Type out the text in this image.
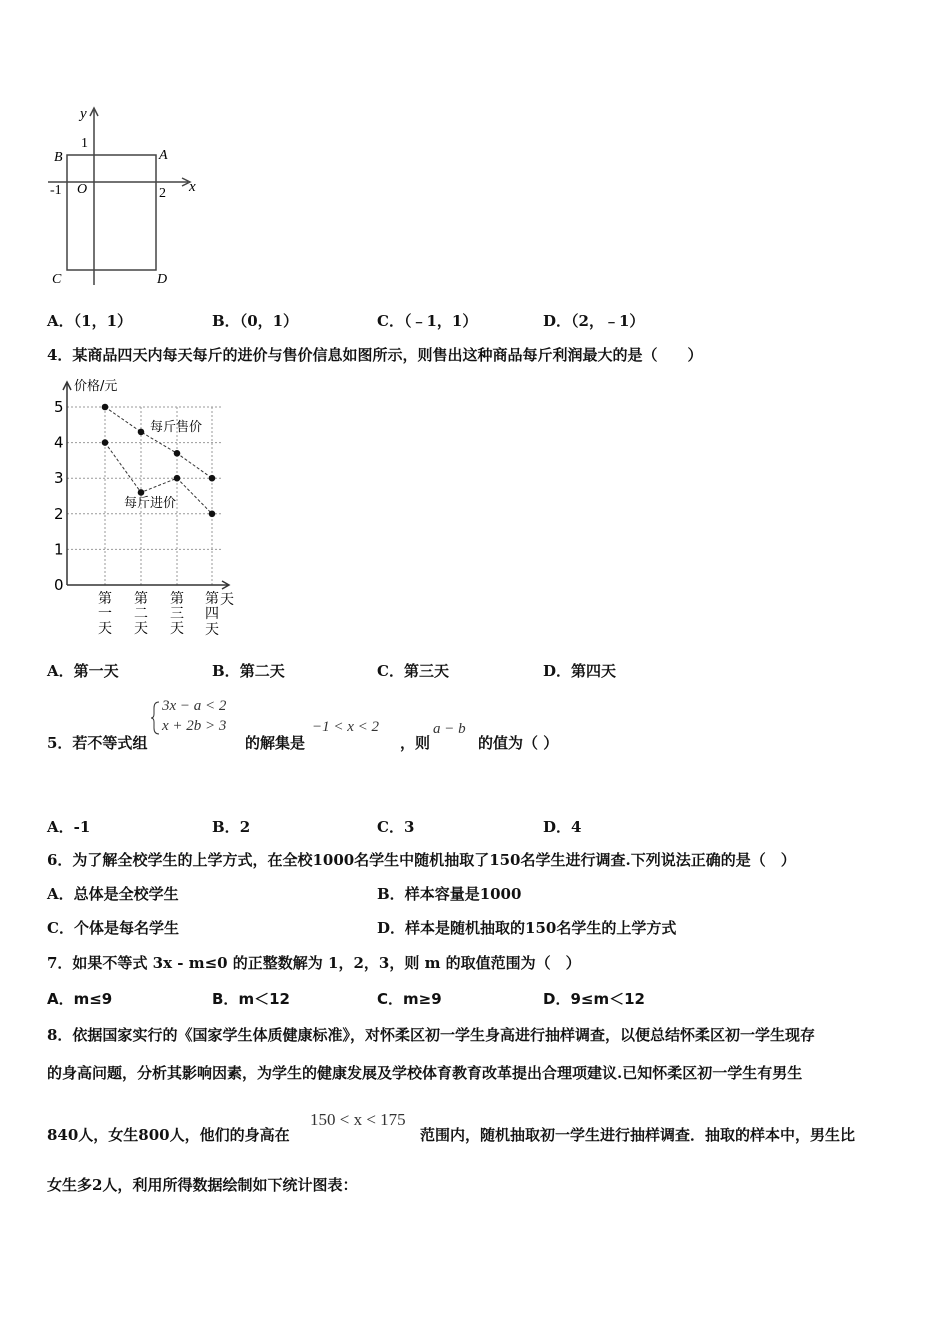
y
x
1
-1	2
O
A
B
C	D
A．（1，1）	B．（0，1）	C．（﹣1，1）	D．（2，﹣1）
4．某商品四天内每天每斤的进价与售价信息如图所示，则售出这种商品每斤利润最大的是（　　）
0
1
2
3
4
5
价格/元
天
第
一
天
第
二
天
第
三
天
第
四
天
每斤售价
每斤进价
A．第一天	B．第二天	C．第三天	D．第四天
5．若不等式组
3x − a < 2
x + 2b > 3
的解集是
−1 < x < 2
，则
a − b
的值为（ ）
A．-1	B．2	C．3	D．4
6．为了解全校学生的上学方式，在全校1000名学生中随机抽取了150名学生进行调查.下列说法正确的是（　）
A．总体是全校学生	B．样本容量是1000
C．个体是每名学生	D．样本是随机抽取的150名学生的上学方式
7．如果不等式 3x - m≤0 的正整数解为 1，2，3，则 m 的取值范围为（　）
A．m≤9	B．m＜12	C．m≥9	D．9≤m＜12
8．依据国家实行的《国家学生体质健康标准》，对怀柔区初一学生身高进行抽样调查，以便总结怀柔区初一学生现存
的身高问题，分析其影响因素，为学生的健康发展及学校体育教育改革提出合理项建议.已知怀柔区初一学生有男生
840人，女生800人，他们的身高在
150 < x < 175
范围内，随机抽取初一学生进行抽样调查．抽取的样本中，男生比
女生多2人，利用所得数据绘制如下统计图表：
